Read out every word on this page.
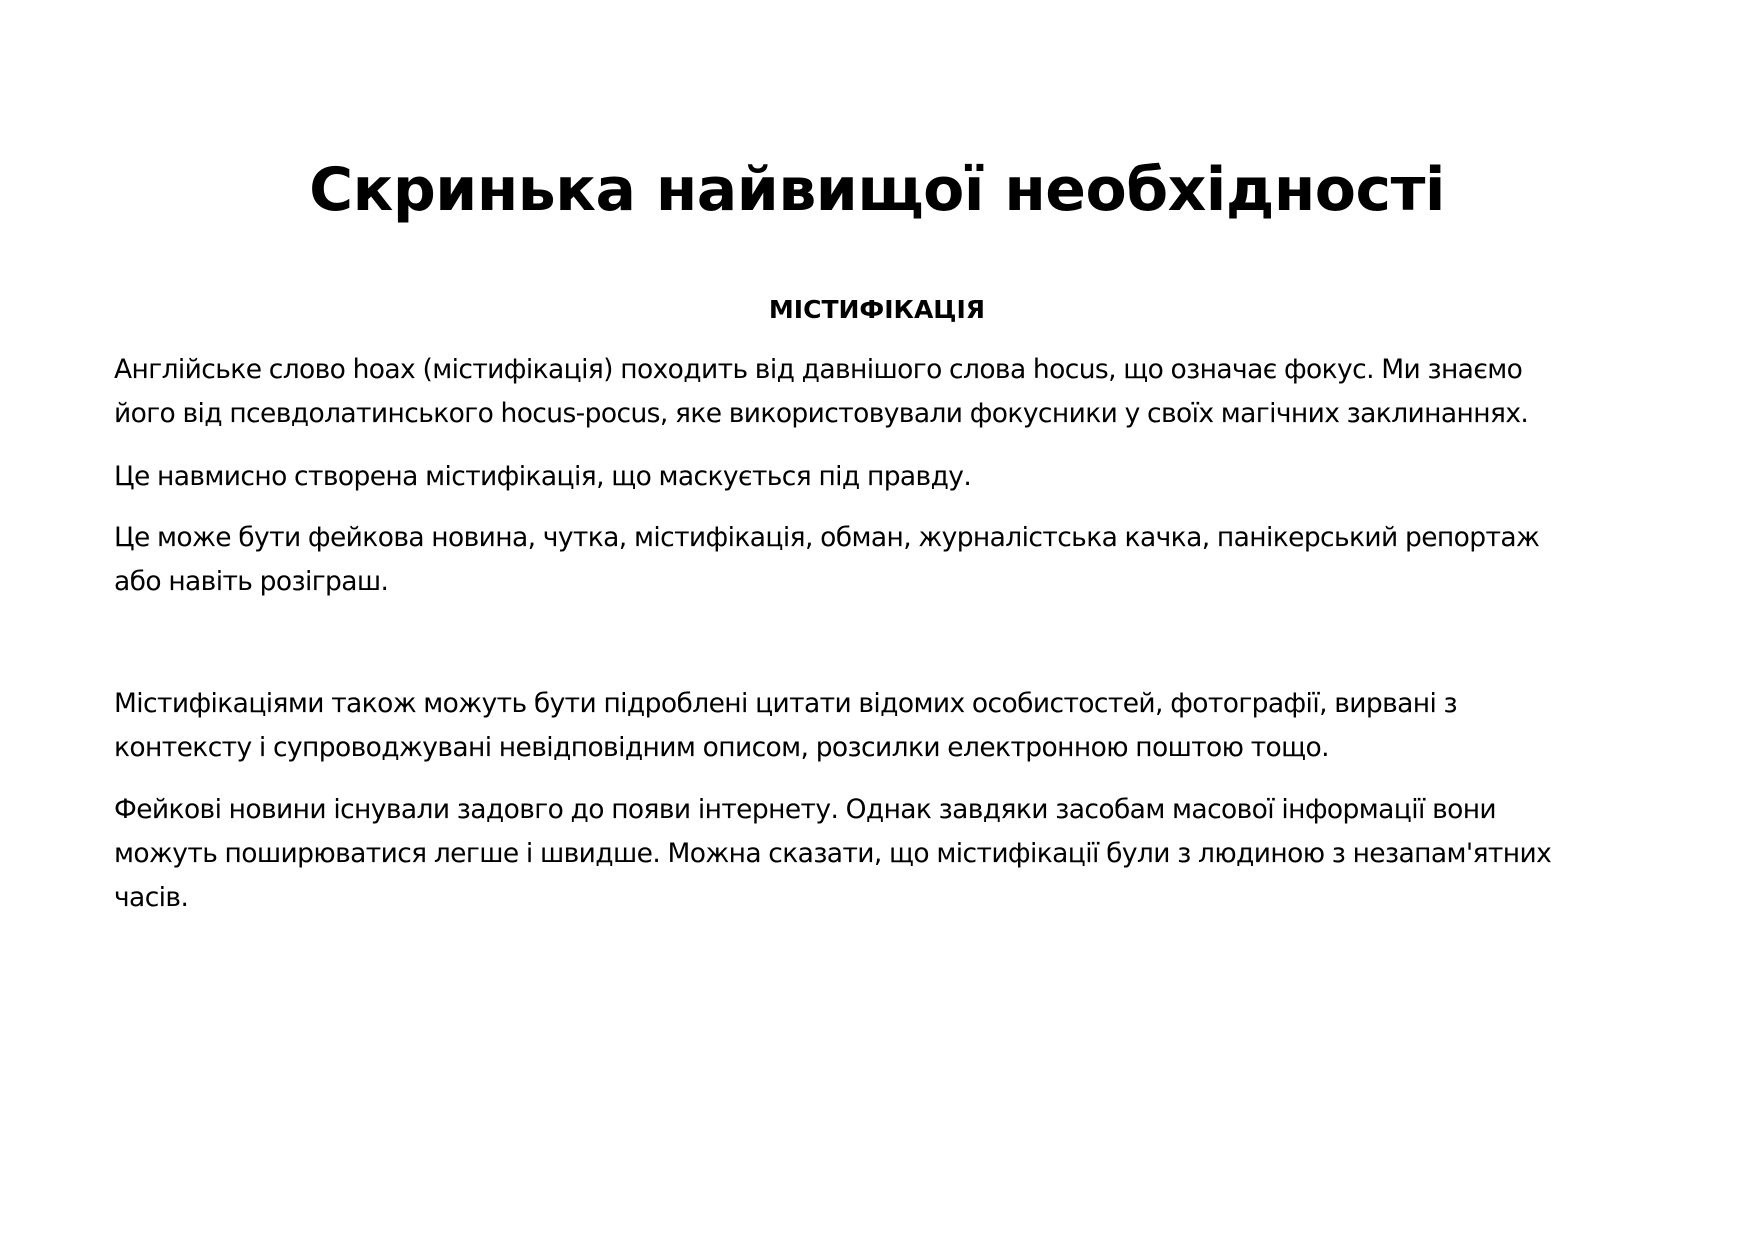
Скринька найвищої необхідності
МІСТИФІКАЦІЯ

Англійське слово hoax (містифікація) походить від давнішого слова hocus, що означає фокус. Ми знаємо
його від псевдолатинського hocus-pocus, яке використовували фокусники у своїх магічних заклинаннях.

Це навмисно створена містифікація, що маскується під правду.

Це може бути фейкова новина, чутка, містифікація, обман, журналістська качка, панікерський репортаж
або навіть розіграш.

Містифікаціями також можуть бути підроблені цитати відомих особистостей, фотографії, вирвані з
контексту і супроводжувані невідповідним описом, розсилки електронною поштою тощо.

Фейкові новини існували задовго до появи інтернету. Однак завдяки засобам масової інформації вони
можуть поширюватися легше і швидше. Можна сказати, що містифікації були з людиною з незапам'ятних
часів.
